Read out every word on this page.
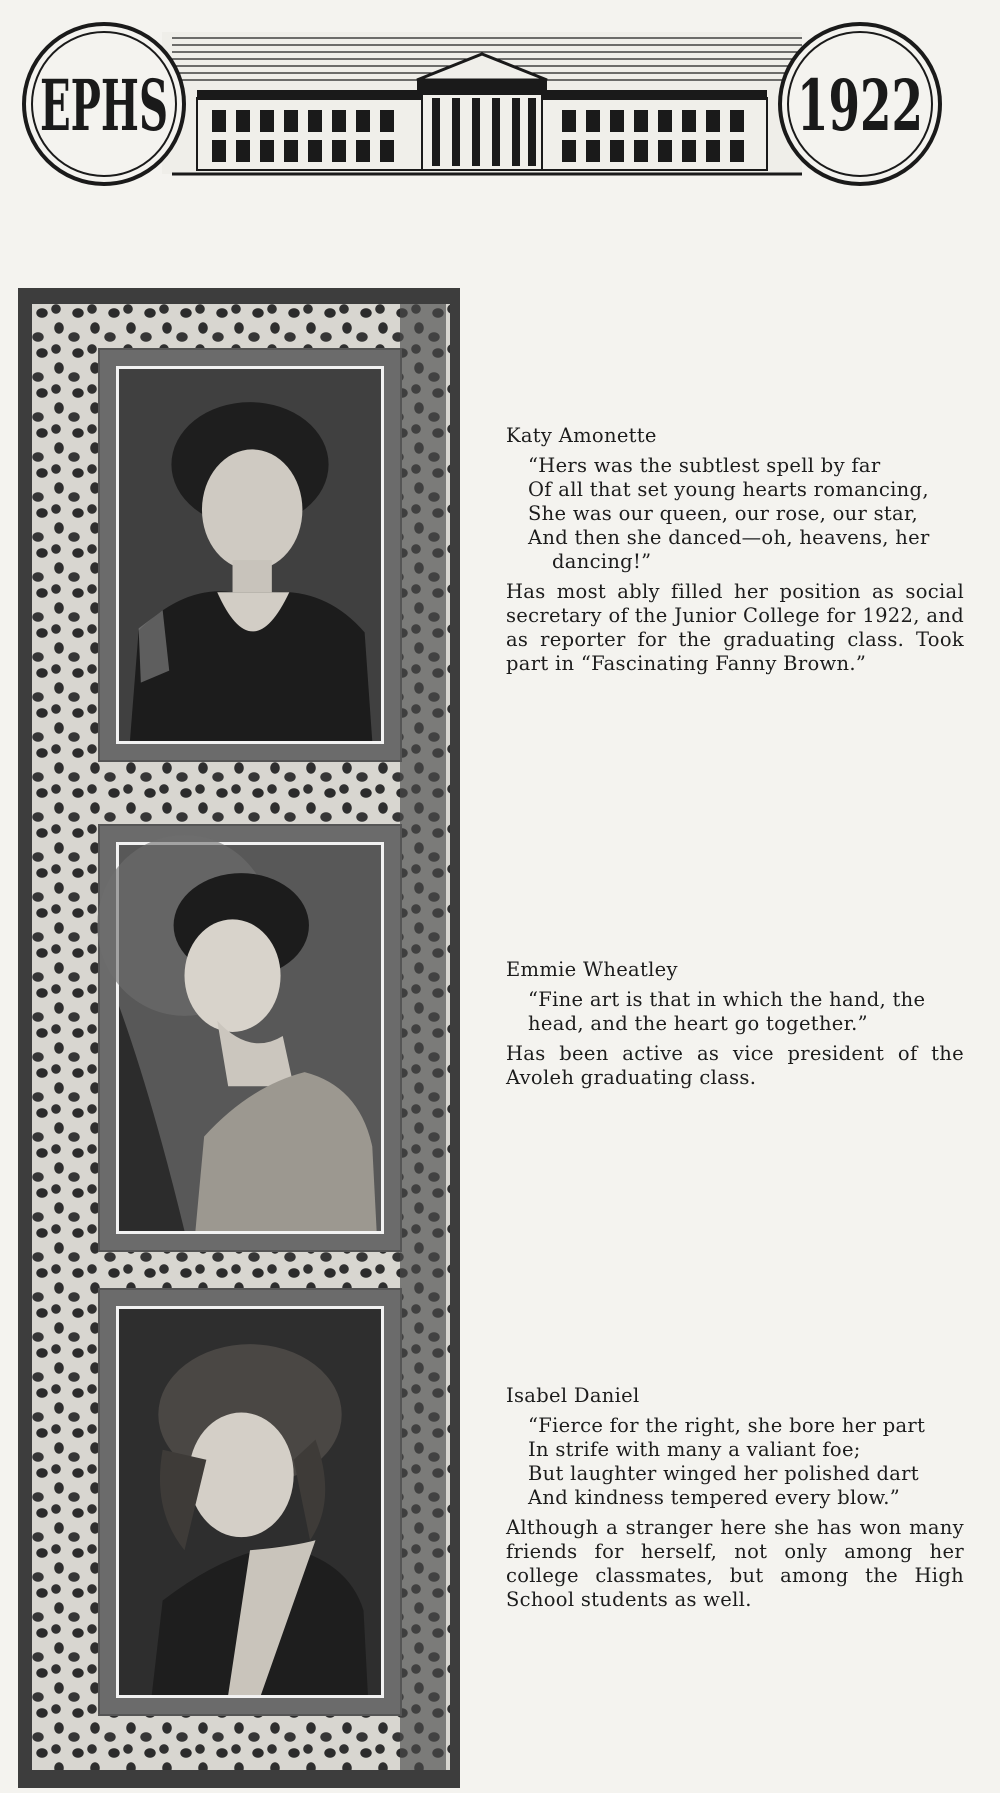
EPHS	1922
Katy Amonette
“Hers was the subtlest spell by far
Of all that set young hearts romancing,
She was our queen, our rose, our star,
And then she danced—oh, heavens, her
dancing!”
Has most ably filled her position as social secretary of the Junior College for 1922, and as reporter for the graduating class. Took part in “Fascinating Fanny Brown.”
Emmie Wheatley
“Fine art is that in which the hand, the
head, and the heart go together.”
Has been active as vice president of the Avoleh graduating class.
Isabel Daniel
“Fierce for the right, she bore her part
In strife with many a valiant foe;
But laughter winged her polished dart
And kindness tempered every blow.”
Although a stranger here she has won many friends for herself, not only among her college classmates, but among the High School students as well.
